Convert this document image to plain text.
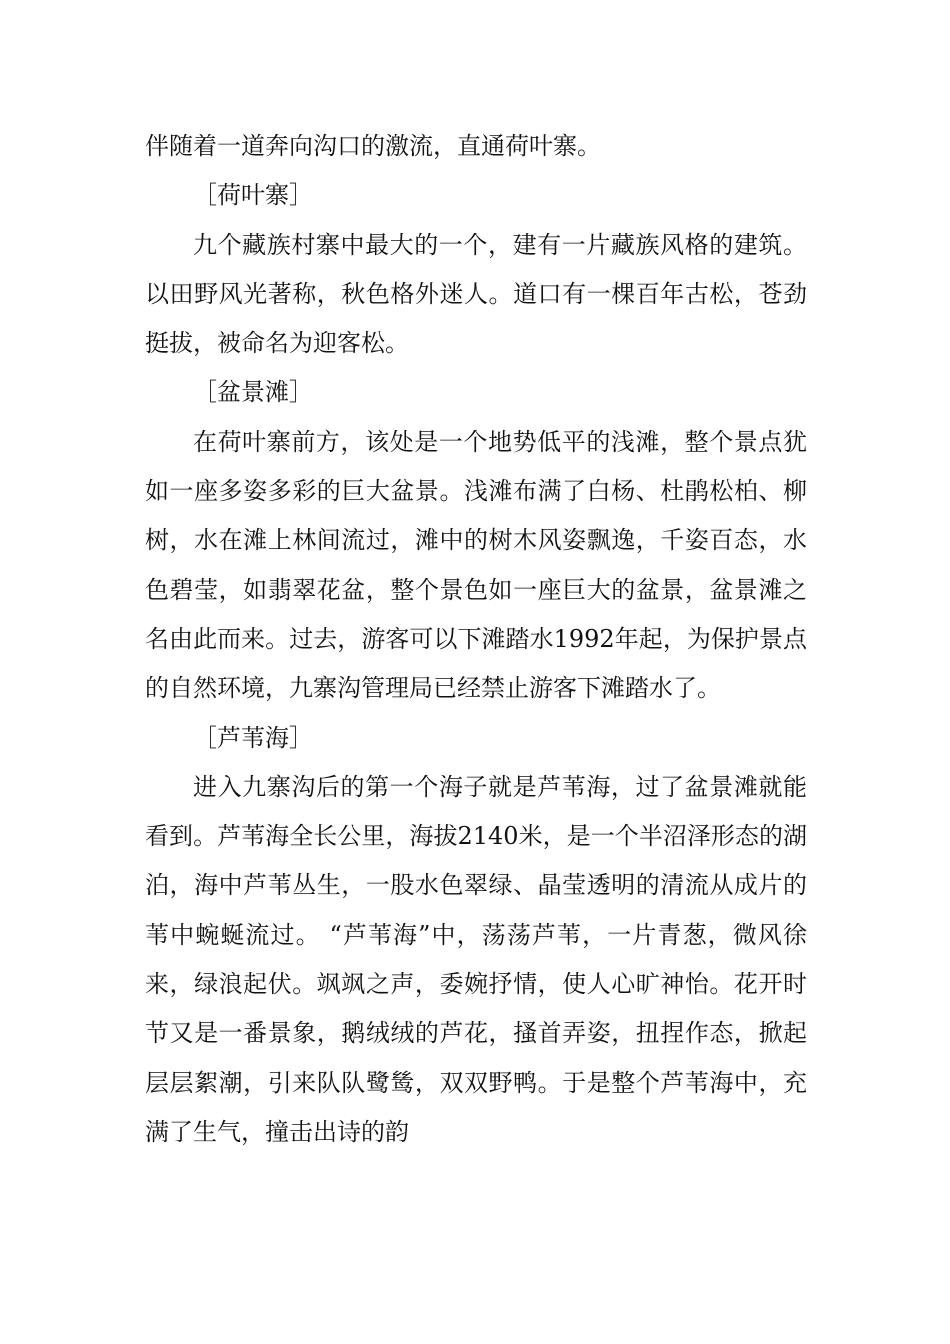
伴随着一道奔向沟口的激流，直通荷叶寨。

［荷叶寨］

九个藏族村寨中最大的一个，建有一片藏族风格的建筑。以田野风光著称，秋色格外迷人。道口有一棵百年古松，苍劲挺拔，被命名为迎客松。

［盆景滩］

在荷叶寨前方，该处是一个地势低平的浅滩，整个景点犹如一座多姿多彩的巨大盆景。浅滩布满了白杨、杜鹃松柏、柳树，水在滩上林间流过，滩中的树木风姿飘逸，千姿百态，水色碧莹，如翡翠花盆，整个景色如一座巨大的盆景，盆景滩之名由此而来。过去，游客可以下滩踏水1992年起，为保护景点的自然环境，九寨沟管理局已经禁止游客下滩踏水了。

［芦苇海］

进入九寨沟后的第一个海子就是芦苇海，过了盆景滩就能看到。芦苇海全长公里，海拔2140米，是一个半沼泽形态的湖泊，海中芦苇丛生，一股水色翠绿、晶莹透明的清流从成片的苇中蜿蜒流过。 “芦苇海”中，荡荡芦苇，一片青葱，微风徐来，绿浪起伏。飒飒之声，委婉抒情，使人心旷神怡。花开时节又是一番景象，鹅绒绒的芦花，搔首弄姿，扭捏作态，掀起层层絮潮，引来队队鹭鸶，双双野鸭。于是整个芦苇海中，充满了生气，撞击出诗的韵
